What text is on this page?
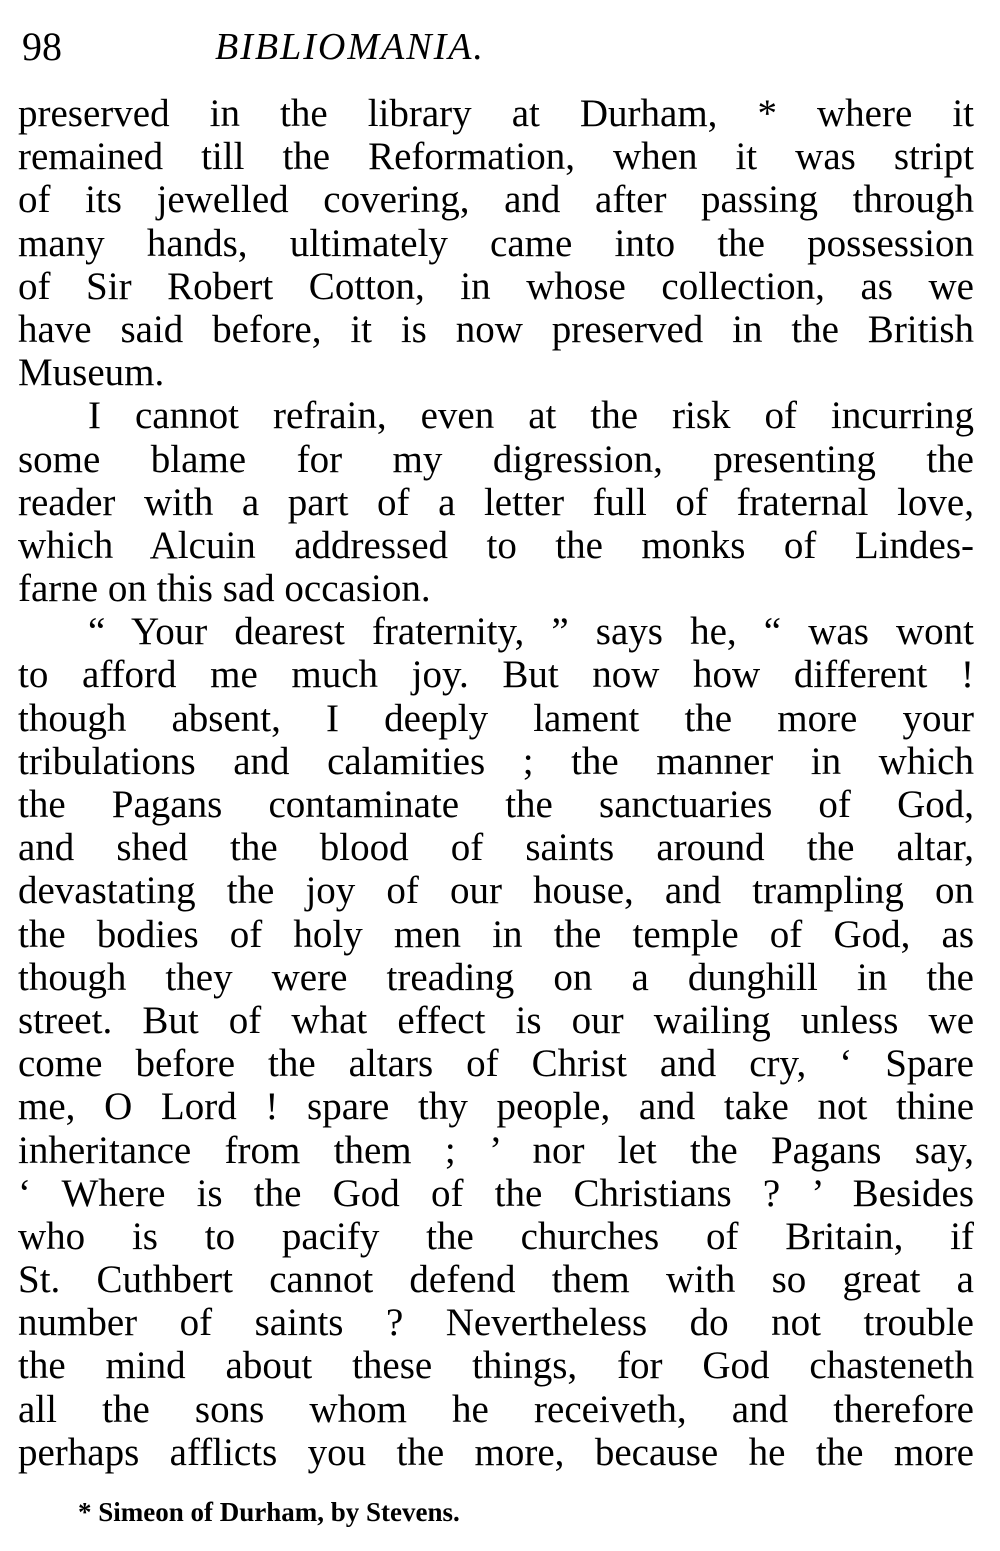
98	BIBLIOMANIA.
preserved in the library at Durham, * where it
remained till the Reformation, when it was stript
of its jewelled covering, and after passing through
many hands, ultimately came into the possession
of Sir Robert Cotton, in whose collection, as we
have said before, it is now preserved in the British
Museum.
I cannot refrain, even at the risk of incurring
some blame for my digression, presenting the
reader with a part of a letter full of fraternal love,
which Alcuin addressed to the monks of Lindes-
farne on this sad occasion.
“ Your dearest fraternity, ” says he, “ was wont
to afford me much joy. But now how different !
though absent, I deeply lament the more your
tribulations and calamities ; the manner in which
the Pagans contaminate the sanctuaries of God,
and shed the blood of saints around the altar,
devastating the joy of our house, and trampling on
the bodies of holy men in the temple of God, as
though they were treading on a dunghill in the
street. But of what effect is our wailing unless we
come before the altars of Christ and cry, ‘ Spare
me, O Lord ! spare thy people, and take not thine
inheritance from them ; ’ nor let the Pagans say,
‘ Where is the God of the Christians ? ’ Besides
who is to pacify the churches of Britain, if
St. Cuthbert cannot defend them with so great a
number of saints ? Nevertheless do not trouble
the mind about these things, for God chasteneth
all the sons whom he receiveth, and therefore
perhaps afflicts you the more, because he the more
* Simeon of Durham, by Stevens.
